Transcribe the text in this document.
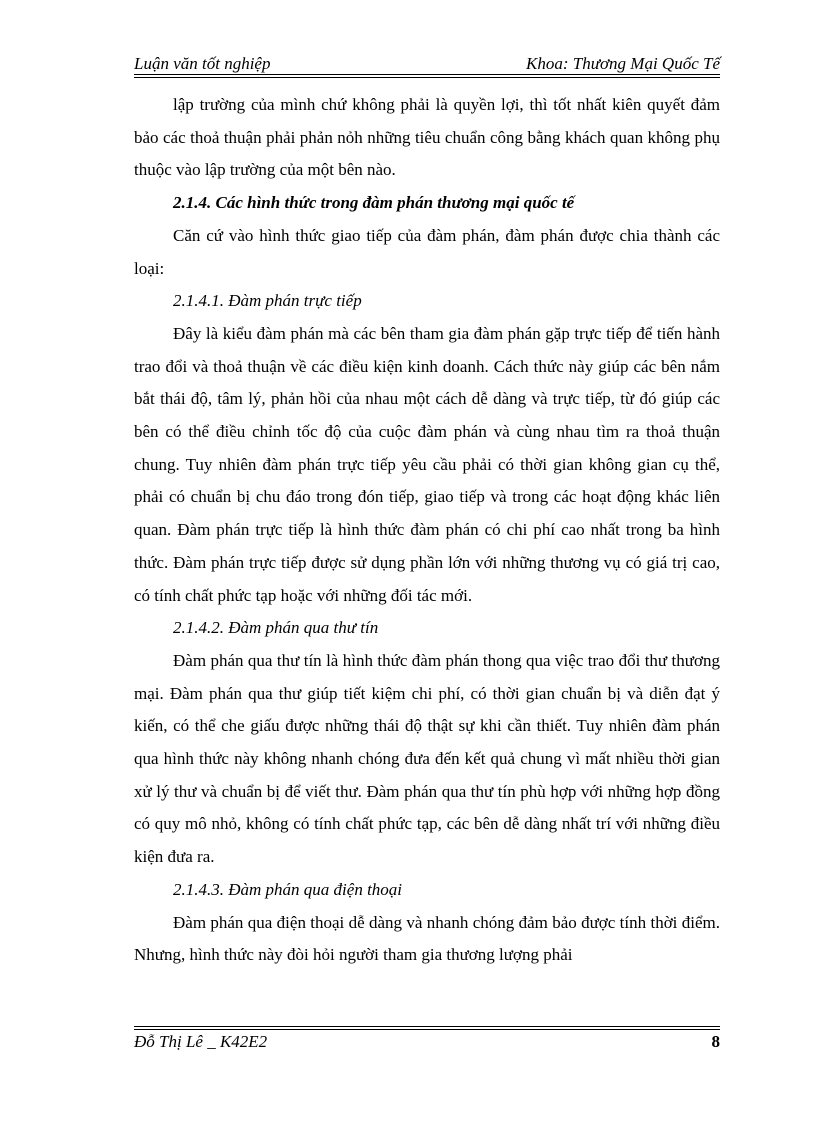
Luận văn tốt nghiệp	Khoa: Thương Mại Quốc Tế

lập trường của mình chứ không phải là quyền lợi, thì tốt nhất kiên quyết đảm bảo các thoả thuận phải phản nỏh những tiêu chuẩn công bằng khách quan không phụ thuộc vào lập trường của một bên nào.

2.1.4. Các hình thức trong đàm phán thương mại quốc tế

Căn cứ vào hình thức giao tiếp của đàm phán, đàm phán được chia thành các loại:

2.1.4.1. Đàm phán trực tiếp

Đây là kiểu đàm phán mà các bên tham gia đàm phán gặp trực tiếp để tiến hành trao đổi và thoả thuận về các điều kiện kinh doanh. Cách thức này giúp các bên nắm bắt thái độ, tâm lý, phản hồi của nhau một cách dễ dàng và trực tiếp, từ đó giúp các bên có thể điều chỉnh tốc độ của cuộc đàm phán và cùng nhau tìm ra thoả thuận chung. Tuy nhiên đàm phán trực tiếp yêu cầu phải có thời gian không gian cụ thể, phải có chuẩn bị chu đáo trong đón tiếp, giao tiếp và trong các hoạt động khác liên quan. Đàm phán trực tiếp là hình thức đàm phán có chi phí cao nhất trong ba hình thức. Đàm phán trực tiếp được sử dụng phần lớn với những thương vụ có giá trị cao, có tính chất phức tạp hoặc với những đối tác mới.

2.1.4.2. Đàm phán qua thư tín

Đàm phán qua thư tín là hình thức đàm phán thong qua việc trao đổi thư thương mại. Đàm phán qua thư giúp tiết kiệm chi phí, có thời gian chuẩn bị và diễn đạt ý kiến, có thể che giấu được những thái độ thật sự khi cần thiết. Tuy nhiên đàm phán qua hình thức này không nhanh chóng đưa đến kết quả chung vì mất nhiều thời gian xử lý thư và chuẩn bị để viết thư. Đàm phán qua thư tín phù hợp với những hợp đồng có quy mô nhỏ, không có tính chất phức tạp, các bên dễ dàng nhất trí với những điều kiện đưa ra.

2.1.4.3. Đàm phán qua điện thoại

Đàm phán qua điện thoại dễ dàng và nhanh chóng đảm bảo được tính thời điểm. Nhưng, hình thức này đòi hỏi người tham gia thương lượng phải

Đỗ Thị Lê _ K42E2	8
